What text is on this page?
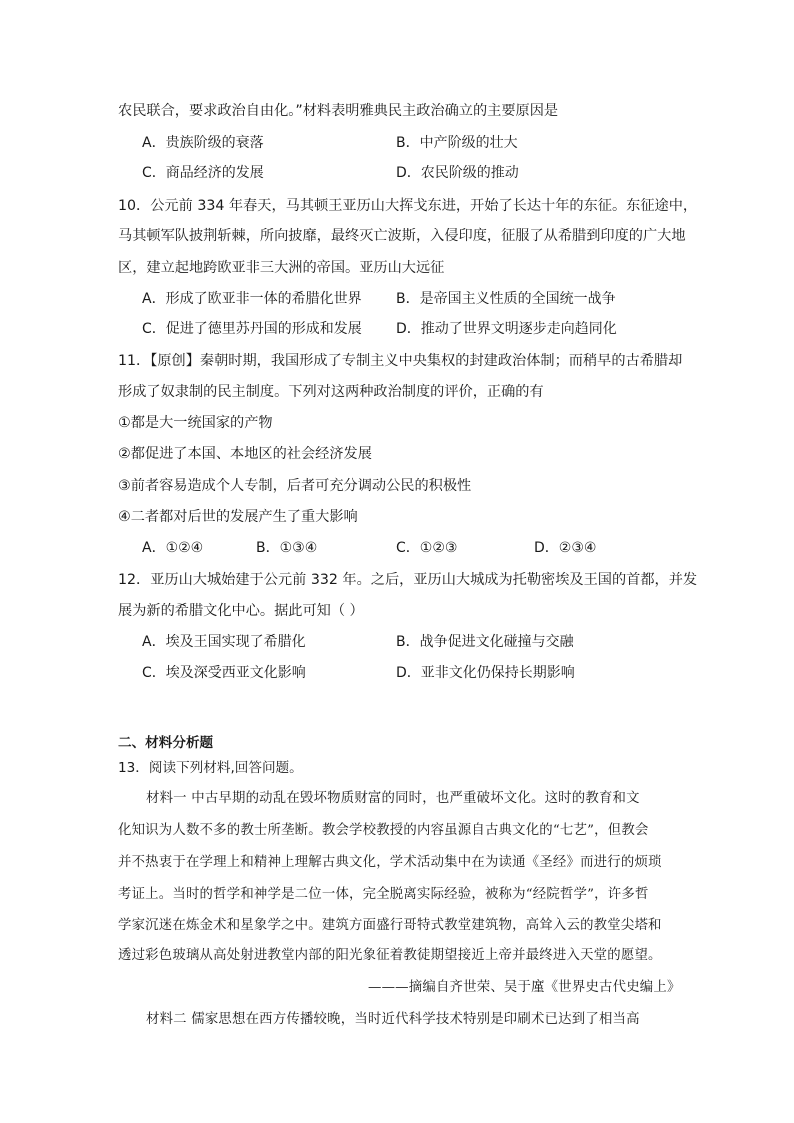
农民联合，要求政治自由化。”材料表明雅典民主政治确立的主要原因是
A．贵族阶级的衰落	B．中产阶级的壮大
C．商品经济的发展	D．农民阶级的推动
10．公元前 334 年春天，马其顿王亚历山大挥戈东进，开始了长达十年的东征。东征途中，
马其顿军队披荆斩棘，所向披靡，最终灭亡波斯，入侵印度，征服了从希腊到印度的广大地
区，建立起地跨欧亚非三大洲的帝国。亚历山大远征
A．形成了欧亚非一体的希腊化世界 B．是帝国主义性质的全国统一战争
C．促进了德里苏丹国的形成和发展 D．推动了世界文明逐步走向趋同化
11．【原创】秦朝时期，我国形成了专制主义中央集权的封建政治体制；而稍早的古希腊却
形成了奴隶制的民主制度。下列对这两种政治制度的评价，正确的有
①都是大一统国家的产物
②都促进了本国、本地区的社会经济发展
③前者容易造成个人专制，后者可充分调动公民的积极性
④二者都对后世的发展产生了重大影响
A．①②④	B．①③④	C．①②③	D．②③④
12．亚历山大城始建于公元前 332 年。之后，亚历山大城成为托勒密埃及王国的首都，并发
展为新的希腊文化中心。据此可知（ ）
A．埃及王国实现了希腊化	B．战争促进文化碰撞与交融
C．埃及深受西亚文化影响	D．亚非文化仍保持长期影响
二、材料分析题
13．阅读下列材料,回答问题。
材料一 中古早期的动乱在毁坏物质财富的同时，也严重破坏文化。这时的教育和文
化知识为人数不多的教士所垄断。教会学校教授的内容虽源自古典文化的“七艺”，但教会
并不热衷于在学理上和精神上理解古典文化，学术活动集中在为读通《圣经》而进行的烦琐
考证上。当时的哲学和神学是二位一体，完全脱离实际经验，被称为“经院哲学”，许多哲
学家沉迷在炼金术和星象学之中。建筑方面盛行哥特式教堂建筑物，高耸入云的教堂尖塔和
透过彩色玻璃从高处射进教堂内部的阳光象征着教徒期望接近上帝并最终进入天堂的愿望。
———摘编自齐世荣、吴于廑《世界史古代史编上》
材料二 儒家思想在西方传播较晚，当时近代科学技术特别是印刷术已达到了相当高
